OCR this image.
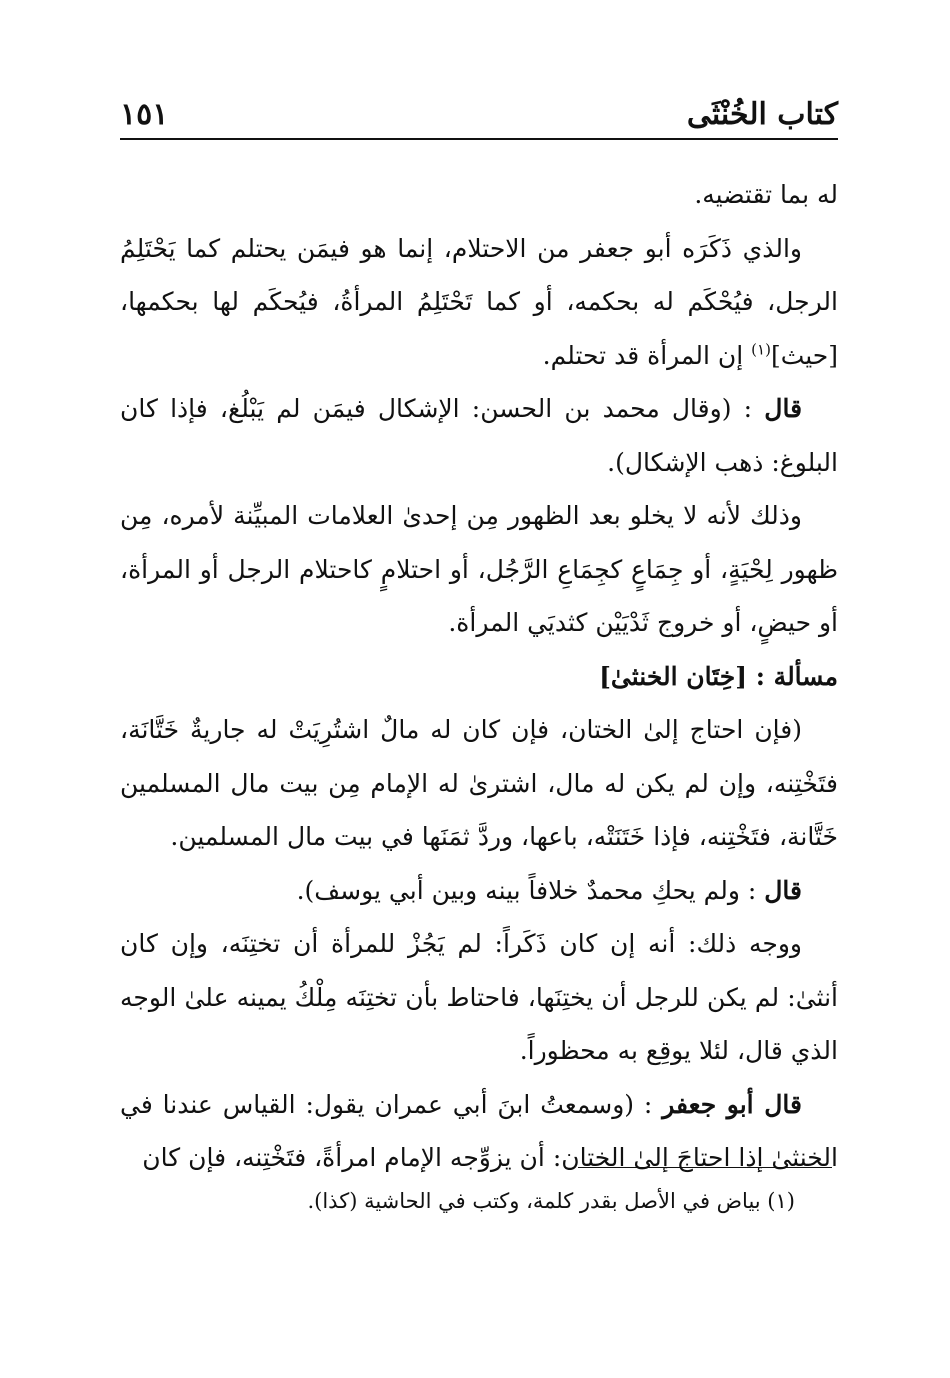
كتاب الخُنْثَى
١٥١

له بما تقتضيه.

والذي ذَكَرَه أبو جعفر من الاحتلام، إنما هو فيمَن يحتلم كما يَحْتَلِمُ الرجل، فيُحْكَم له بحكمه، أو كما تَحْتَلِمُ المرأةُ، فيُحكَم لها بحكمها، [حيث]$^{(١)}$ إن المرأة قد تحتلم.

قال : (وقال محمد بن الحسن: الإشكال فيمَن لم يَبْلُغ، فإذا كان البلوغ: ذهب الإشكال).

وذلك لأنه لا يخلو بعد الظهور مِن إحدىٰ العلامات المبيِّنة لأمره، مِن ظهور لِحْيَةٍ، أو جِمَاعٍ كجِمَاعِ الرَّجُل، أو احتلامٍ كاحتلام الرجل أو المرأة، أو حيضٍ، أو خروج ثَدْيَيْن كثديَي المرأة.

مسألة : [خِتَان الخنثىٰ]

(فإن احتاج إلىٰ الختان، فإن كان له مالٌ اشتُرِيَتْ له جاريةٌ خَتَّانَة، فتَخْتِنه، وإن لم يكن له مال، اشترىٰ له الإمام مِن بيت مال المسلمين خَتَّانة، فتَخْتِنه، فإذا خَتَنَتْه، باعها، وردَّ ثمَنَها في بيت مال المسلمين.

قال : ولم يحكِ محمدٌ خلافاً بينه وبين أبي يوسف).

ووجه ذلك: أنه إن كان ذَكَراً: لم يَجُزْ للمرأة أن تختِنَه، وإن كان أنثىٰ: لم يكن للرجل أن يختِنَها، فاحتاط بأن تختِنَه مِلْكُ يمينه علىٰ الوجه الذي قال، لئلا يوقِع به محظوراً.

قال أبو جعفر : (وسمعتُ ابنَ أبي عمران يقول: القياس عندنا في الخنثىٰ إذا احتاجَ إلىٰ الختان: أن يزوِّجه الإمام امرأةً، فتَخْتِنه، فإن كان

(١) بياض في الأصل بقدر كلمة، وكتب في الحاشية (كذا).
